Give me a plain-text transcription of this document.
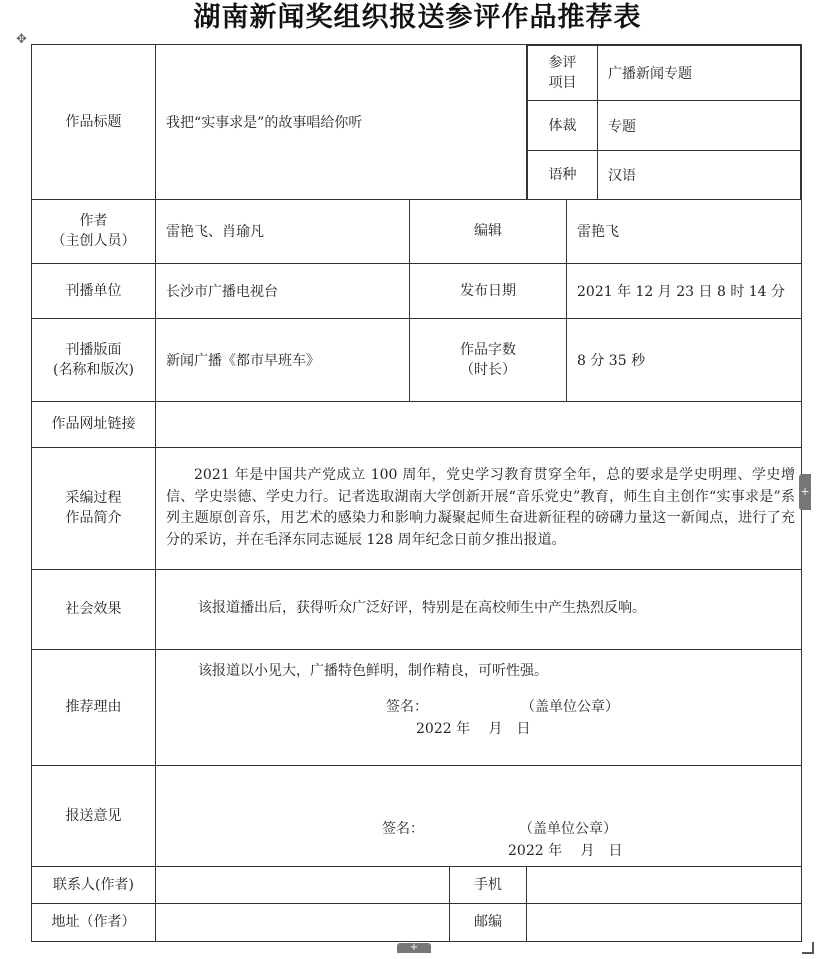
湖南新闻奖组织报送参评作品推荐表
✥
作品标题	我把“实事求是”的故事唱给你听	
参评
项目
	广播新闻专题
体裁	专题
语种	汉语

作者
（主创人员）
	雷艳飞、肖瑜凡	编辑	雷艳飞
刊播单位	长沙市广播电视台	发布日期	2021 年 12 月 23 日 8 时 14 分

刊播版面
(名称和版次)
	新闻广播《都市早班车》	
作品字数
（时长）
	8 分 35 秒
作品网址链接	

采编过程
作品简介
	2021 年是中国共产党成立 100 周年，党史学习教育贯穿全年，总的要求是学史明理、学史增信、学史崇德、学史力行。记者选取湖南大学创新开展“音乐党史”教育，师生自主创作“实事求是”系列主题原创音乐，用艺术的感染力和影响力凝聚起师生奋进新征程的磅礴力量这一新闻点，进行了充分的采访，并在毛泽东同志诞辰 128 周年纪念日前夕推出报道。
社会效果	该报道播出后，获得听众广泛好评，特别是在高校师生中产生热烈反响。
推荐理由	
该报道以小见大，广播特色鲜明，制作精良，可听性强。
签名：	（盖单位公章）
2022 年　 月　日

报送意见	
签名：	（盖单位公章）
2022 年　 月　日

联系人(作者)		手机	
地址（作者）		邮编	
+
+
